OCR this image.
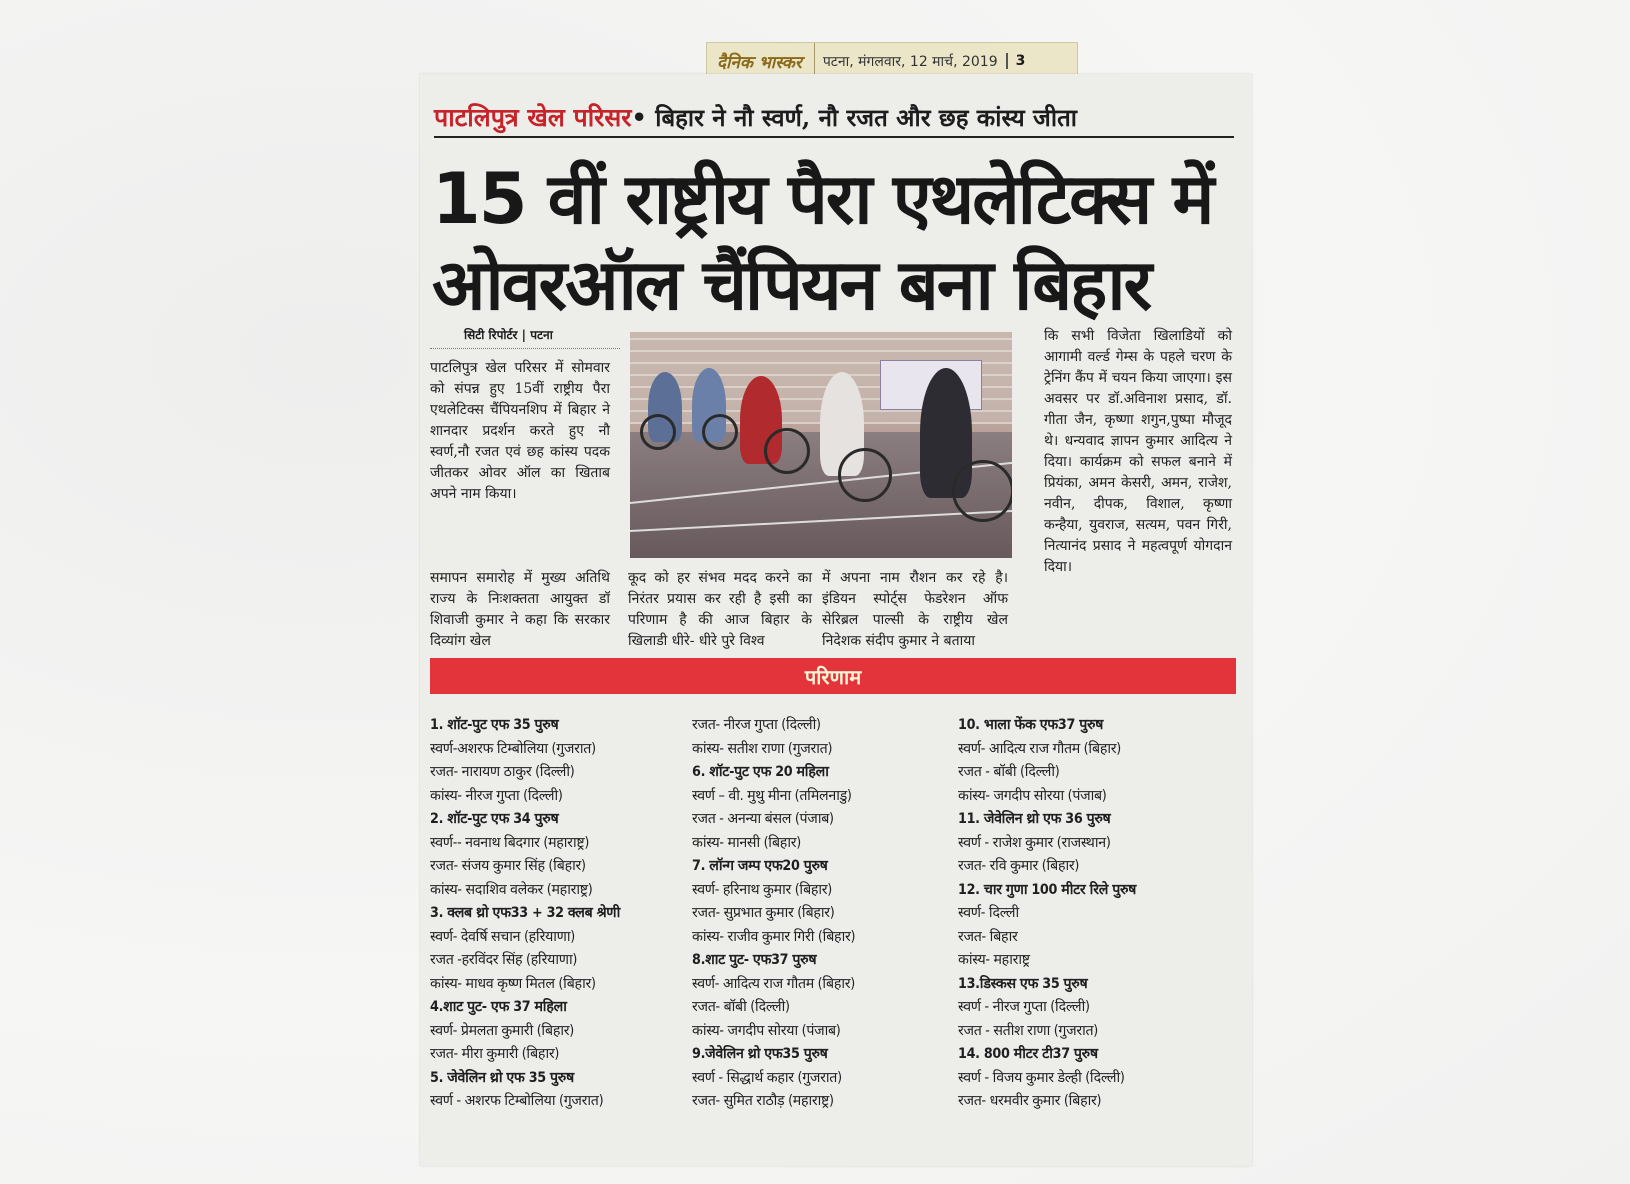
दैनिक भास्कर	पटना, मंगलवार, 12 मार्च, 2019	3
पाटलिपुत्र खेल परिसर • बिहार ने नौ स्वर्ण, नौ रजत और छह कांस्य जीता
15 वीं राष्ट्रीय पैरा एथलेटिक्स में
ओवरऑल चैंपियन बना बिहार
सिटी रिपोर्टर | पटना
पाटलिपुत्र खेल परिसर में सोमवार को संपन्न हुए 15वीं राष्ट्रीय पैरा एथलेटिक्स चैंपियनशिप में बिहार ने शानदार प्रदर्शन करते हुए नौ स्वर्ण,नौ रजत एवं छह कांस्य पदक जीतकर ओवर ऑल का खिताब अपने नाम किया।
समापन समारोह में मुख्य अतिथि राज्य के निःशक्तता आयुक्त डॉ शिवाजी कुमार ने कहा कि सरकार दिव्यांग खेल
कूद को हर संभव मदद करने का निरंतर प्रयास कर रही है इसी का परिणाम है की आज बिहार के खिलाडी धीरे- धीरे पुरे विश्व
में अपना नाम रौशन कर रहे है। इंडियन स्पोर्ट्स फेडरेशन ऑफ सेरिब्रल पाल्सी के राष्ट्रीय खेल निदेशक संदीप कुमार ने बताया
कि सभी विजेता खिलाडियों को आगामी वर्ल्ड गेम्स के पहले चरण के ट्रेनिंग कैंप में चयन किया जाएगा। इस अवसर पर डॉ.अविनाश प्रसाद, डॉ. गीता जैन, कृष्णा शगुन,पुष्पा मौजूद थे। धन्यवाद ज्ञापन कुमार आदित्य ने दिया। कार्यक्रम को सफल बनाने में प्रियंका, अमन केसरी, अमन, राजेश, नवीन, दीपक, विशाल, कृष्णा कन्हैया, युवराज, सत्यम, पवन गिरी, नित्यानंद प्रसाद ने महत्वपूर्ण योगदान दिया।
परिणाम
1. शॉट-पुट एफ 35 पुरुष
स्वर्ण-अशरफ टिम्बोलिया (गुजरात)
रजत- नारायण ठाकुर (दिल्ली)
कांस्य- नीरज गुप्ता (दिल्ली)
2. शॉट-पुट एफ 34 पुरुष
स्वर्ण-- नवनाथ बिदगार (महाराष्ट्र)
रजत- संजय कुमार सिंह (बिहार)
कांस्य- सदाशिव वलेकर (महाराष्ट्र)
3. क्लब थ्रो एफ33 + 32 क्लब श्रेणी
स्वर्ण- देवर्षि सचान (हरियाणा)
रजत -हरविंदर सिंह (हरियाणा)
कांस्य- माधव कृष्ण मितल (बिहार)
4.शाट पुट- एफ 37 महिला
स्वर्ण- प्रेमलता कुमारी (बिहार)
रजत- मीरा कुमारी (बिहार)
5. जेवेलिन थ्रो एफ 35 पुरुष
स्वर्ण - अशरफ टिम्बोलिया (गुजरात)
रजत- नीरज गुप्ता (दिल्ली)
कांस्य- सतीश राणा (गुजरात)
6. शॉट-पुट एफ 20 महिला
स्वर्ण – वी. मुथु मीना (तमिलनाडु)
रजत - अनन्या बंसल (पंजाब)
कांस्य- मानसी (बिहार)
7. लॉन्ग जम्प एफ20 पुरुष
स्वर्ण- हरिनाथ कुमार (बिहार)
रजत- सुप्रभात कुमार (बिहार)
कांस्य- राजीव कुमार गिरी (बिहार)
8.शाट पुट- एफ37 पुरुष
स्वर्ण- आदित्य राज गौतम (बिहार)
रजत- बॉबी (दिल्ली)
कांस्य- जगदीप सोरया (पंजाब)
9.जेवेलिन थ्रो एफ35 पुरुष
स्वर्ण - सिद्धार्थ कहार (गुजरात)
रजत- सुमित राठौड़ (महाराष्ट्र)
10. भाला फेंक एफ37 पुरुष
स्वर्ण- आदित्य राज गौतम (बिहार)
रजत - बॉबी (दिल्ली)
कांस्य- जगदीप सोरया (पंजाब)
11. जेवेलिन थ्रो एफ 36 पुरुष
स्वर्ण - राजेश कुमार (राजस्थान)
रजत- रवि कुमार (बिहार)
12. चार गुणा 100 मीटर रिले पुरुष
स्वर्ण- दिल्ली
रजत- बिहार
कांस्य- महाराष्ट्र
13.डिस्कस एफ 35 पुरुष
स्वर्ण - नीरज गुप्ता (दिल्ली)
रजत - सतीश राणा (गुजरात)
14. 800 मीटर टी37 पुरुष
स्वर्ण - विजय कुमार डेल्ही (दिल्ली)
रजत- धरमवीर कुमार (बिहार)
